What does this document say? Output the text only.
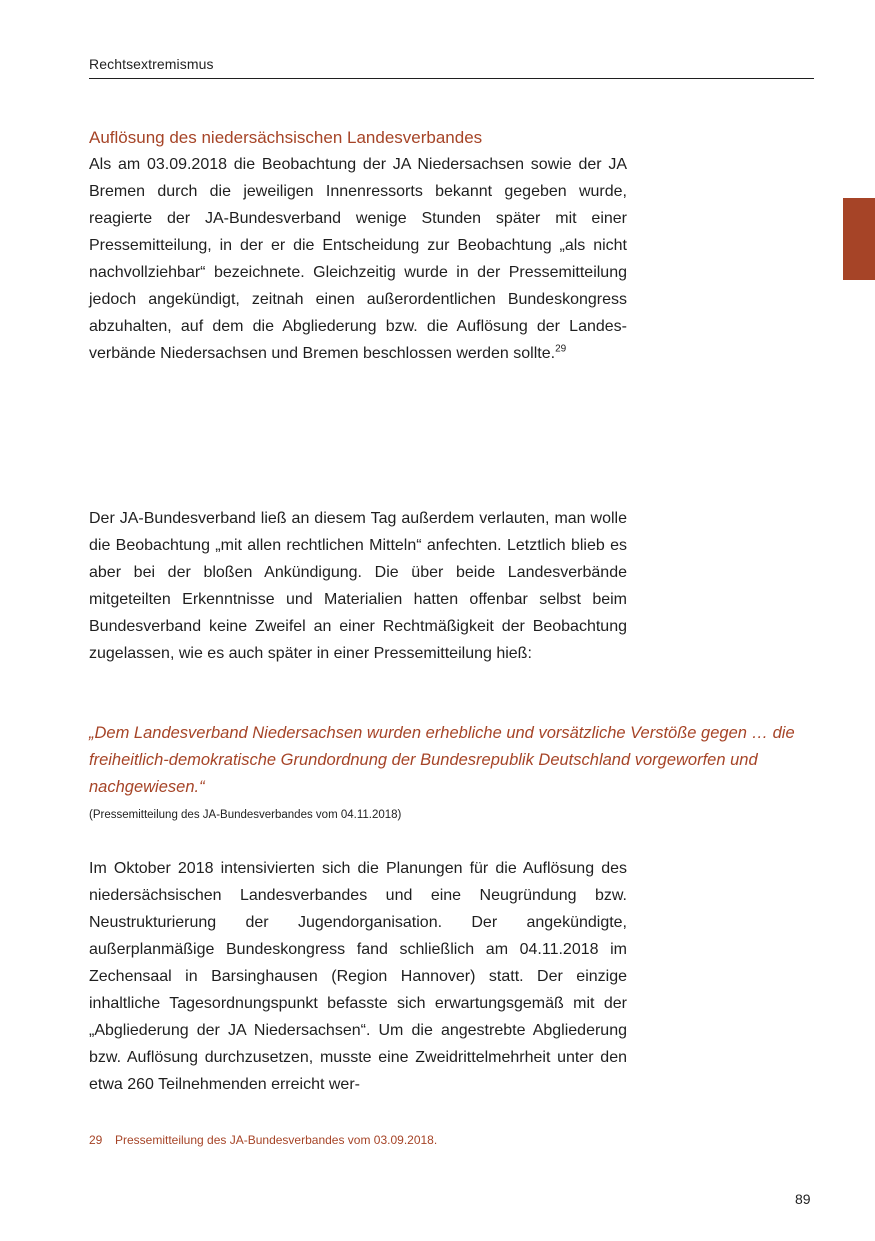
Rechtsextremismus
Auflösung des niedersächsischen Landesverbandes

Als am 03.09.2018 die Beobachtung der JA Niedersachsen sowie der JA Bremen durch die jeweiligen Innenressorts bekannt gegeben wurde, reagierte der JA-Bundesverband wenige Stunden später mit einer Pressemitteilung, in der er die Entscheidung zur Beobachtung „als nicht nachvollziehbar“ bezeichnete. Gleichzeitig wurde in der Pressemitteilung jedoch angekündigt, zeitnah einen außerordentlichen Bundeskongress abzuhalten, auf dem die Abgliederung bzw. die Auflösung der Landesverbände Niedersachsen und Bremen beschlossen werden sollte.$^{29}$

Der JA-Bundesverband ließ an diesem Tag außerdem verlauten, man wolle die Beobachtung „mit allen rechtlichen Mitteln“ anfechten. Letztlich blieb es aber bei der bloßen Ankündigung. Die über beide Landesverbände mitgeteilten Erkenntnisse und Materialien hatten offenbar selbst beim Bundesverband keine Zweifel an einer Rechtmäßigkeit der Beobachtung zugelassen, wie es auch später in einer Pressemitteilung hieß:

„Dem Landesverband Niedersachsen wurden erhebliche und vorsätzliche Verstöße gegen … die freiheitlich-demokratische Grundordnung der Bundesrepublik Deutschland vorgeworfen und nachgewiesen.“

(Pressemitteilung des JA-Bundesverbandes vom 04.11.2018)

Im Oktober 2018 intensivierten sich die Planungen für die Auflösung des niedersächsischen Landesverbandes und eine Neugründung bzw. Neustrukturierung der Jugendorganisation. Der angekündigte, außerplanmäßige Bundeskongress fand schließlich am 04.11.2018 im Zechensaal in Barsinghausen (Region Hannover) statt. Der einzige inhaltliche Tagesordnungspunkt befasste sich erwartungsgemäß mit der „Abgliederung der JA Niedersachsen“. Um die angestrebte Abgliederung bzw. Auflösung durchzusetzen, musste eine Zweidrittelmehrheit unter den etwa 260 Teilnehmenden erreicht wer-

29 Pressemitteilung des JA-Bundesverbandes vom 03.09.2018.

89
